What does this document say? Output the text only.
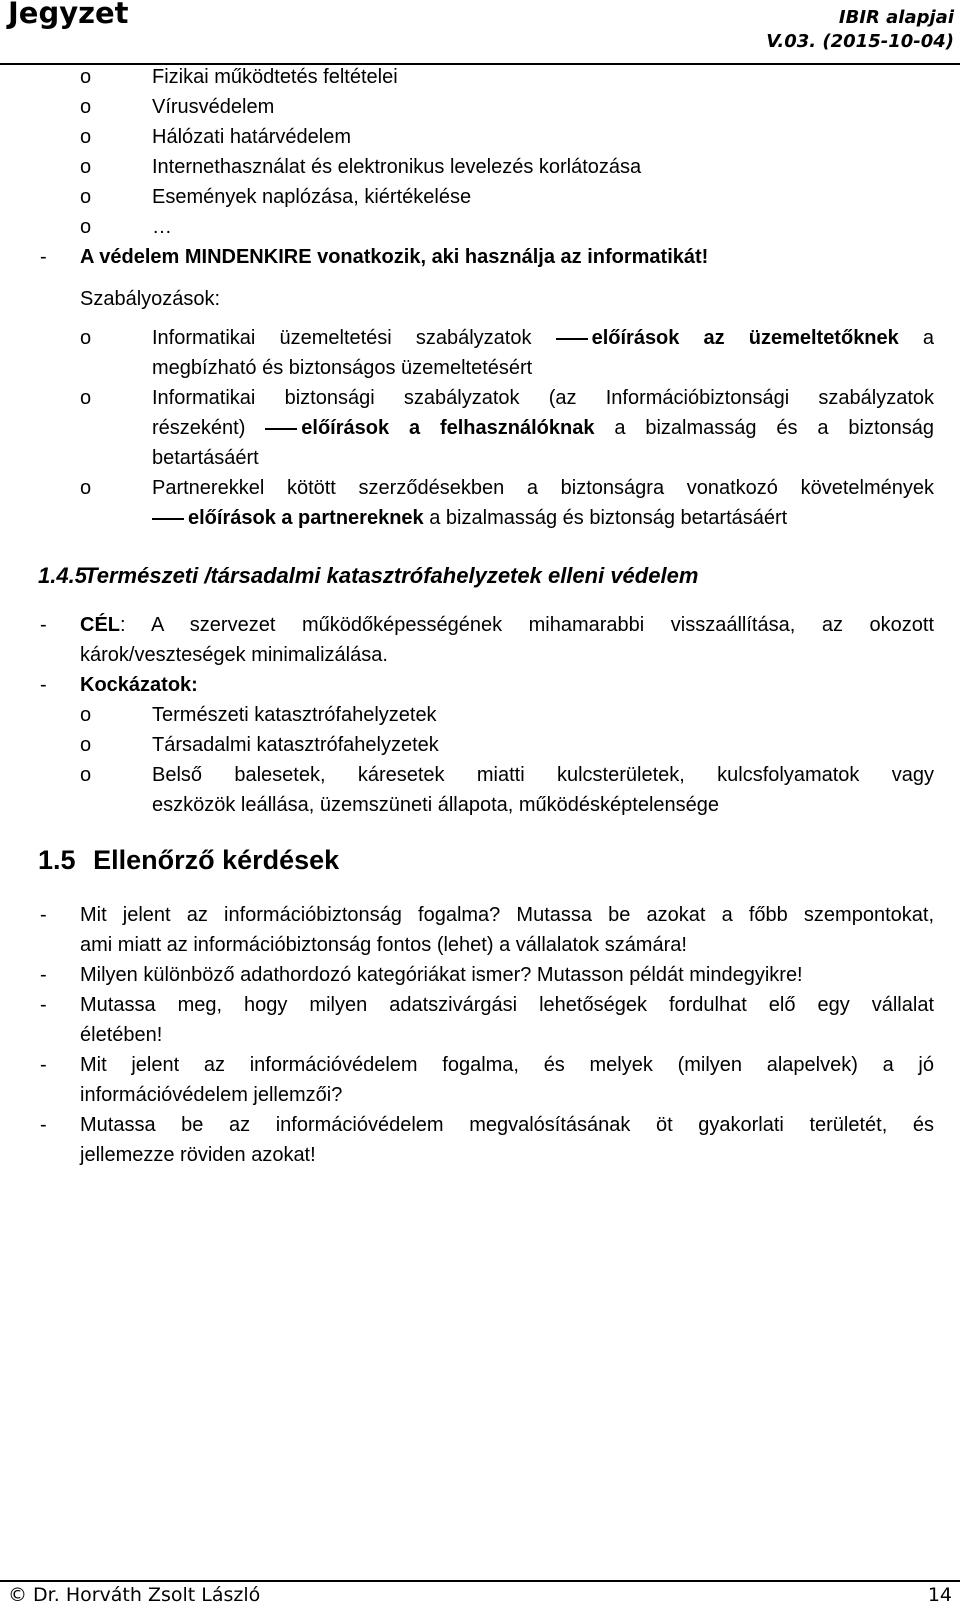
Jegyzet	IBIR alapjai
V.03. (2015-10-04)
o	Fizikai működtetés feltételei
o	Vírusvédelem
o	Hálózati határvédelem
o	Internethasználat és elektronikus levelezés korlátozása
o	Események naplózása, kiértékelése
o	…
- A védelem MINDENKIRE vonatkozik, aki használja az informatikát!
Szabályozások:
o	Informatikai üzemeltetési szabályzatok	előírások az üzemeltetőknek a
megbízható és biztonságos üzemeltetésért
o	Informatikai biztonsági szabályzatok (az Információbiztonsági szabályzatok
részeként)	előírások a felhasználóknak a bizalmasság és a biztonság
betartásáért
o	Partnerekkel kötött szerződésekben a biztonságra vonatkozó követelmények
előírások a partnereknek a bizalmasság és biztonság betartásáért
1.4.5 Természeti /társadalmi katasztrófahelyzetek elleni védelem
- CÉL: A szervezet működőképességének mihamarabbi visszaállítása, az okozott
károk/veszteségek minimalizálása.
- Kockázatok:
o	Természeti katasztrófahelyzetek
o	Társadalmi katasztrófahelyzetek
o	Belső balesetek, káresetek miatti kulcsterületek, kulcsfolyamatok vagy
eszközök leállása, üzemszüneti állapota, működésképtelensége
1.5 Ellenőrző kérdések
- Mit jelent az információbiztonság fogalma? Mutassa be azokat a főbb szempontokat,
ami miatt az információbiztonság fontos (lehet) a vállalatok számára!
- Milyen különböző adathordozó kategóriákat ismer? Mutasson példát mindegyikre!
- Mutassa meg, hogy milyen adatszivárgási lehetőségek fordulhat elő egy vállalat
életében!
- Mit jelent az információvédelem fogalma, és melyek (milyen alapelvek) a jó
információvédelem jellemzői?
- Mutassa be az információvédelem megvalósításának öt gyakorlati területét, és
jellemezze röviden azokat!
© Dr. Horváth Zsolt László	14
